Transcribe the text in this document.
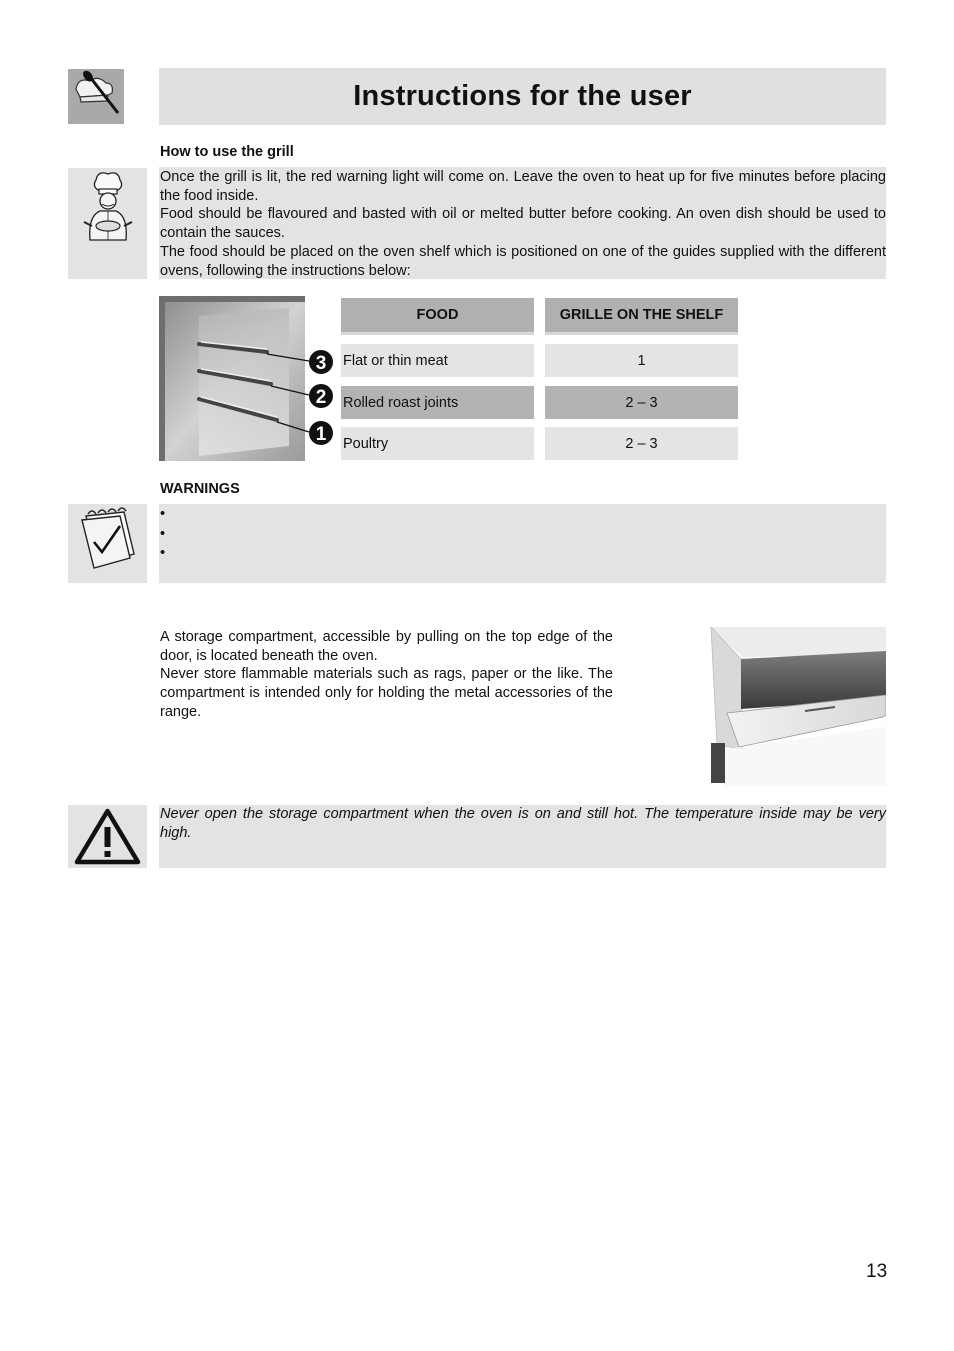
Instructions for the user
How to use the grill

Once the grill is lit, the red warning light will come on. Leave the oven to heat up for five minutes before placing the food inside.

Food should be flavoured and basted with oil or melted butter before cooking. An oven dish should be used to contain the sauces.

The food should be placed on the oven shelf which is positioned on one of the guides supplied with the different ovens, following the instructions below:

3
2
1
FOOD	GRILLE ON THE SHELF
Flat or thin meat	1
Rolled roast joints	2 – 3
Poultry	2 – 3
WARNINGS
•
•
•

A storage compartment, accessible by pulling on the top edge of the door, is located beneath the oven.

Never store flammable materials such as rags, paper or the like. The compartment is intended only for holding the metal accessories of the range.

Never open the storage compartment when the oven is on and still hot. The temperature inside may be very high.
13
